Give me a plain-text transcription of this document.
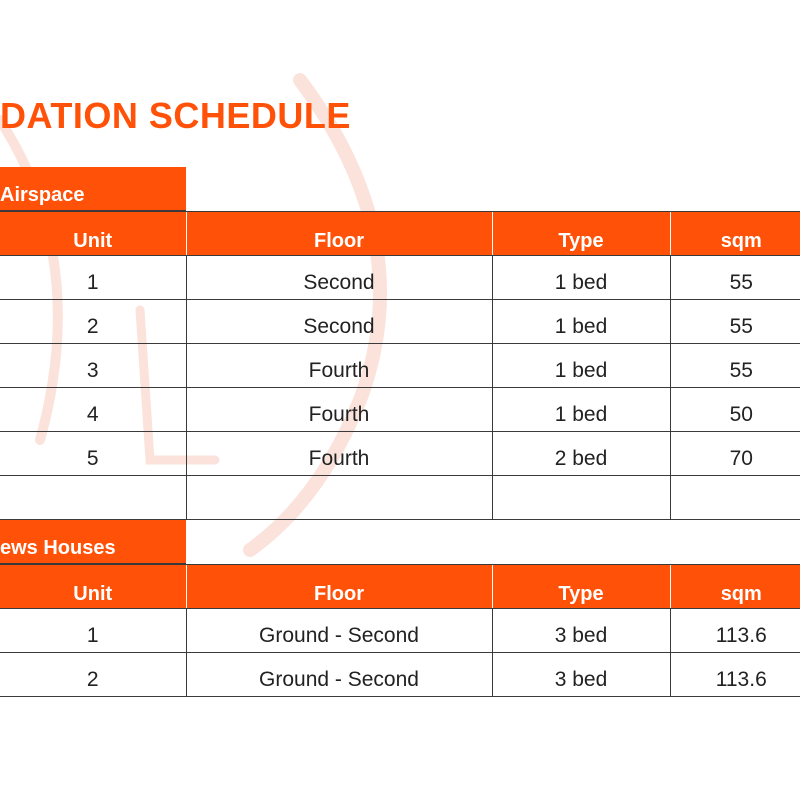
DATION SCHEDULE
Airspace
Unit	Floor	Type	sqm
1	Second	1 bed	55
2	Second	1 bed	55
3	Fourth	1 bed	55
4	Fourth	1 bed	50
5	Fourth	2 bed	70

ews Houses
Unit	Floor	Type	sqm
1	Ground - Second	3 bed	113.6
2	Ground - Second	3 bed	113.6
